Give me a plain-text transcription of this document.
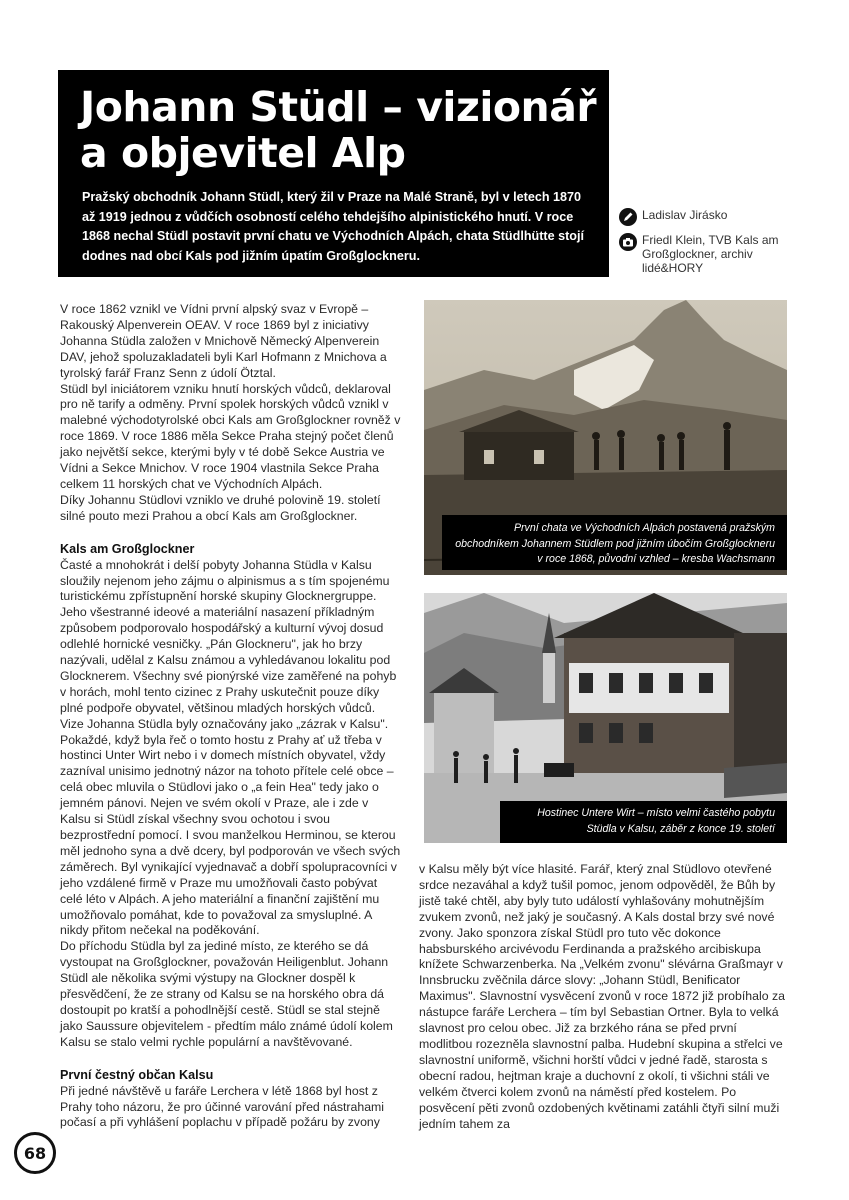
Johann Stüdl – vizionář
a objevitel Alp

Pražský obchodník Johann Stüdl, který žil v Praze na Malé Straně, byl v letech 1870 až 1919 jednou z vůdčích osobností celého tehdejšího alpinistického hnutí. V roce 1868 nechal Stüdl postavit první chatu ve Východních Alpách, chata Stüdlhütte stojí dodnes nad obcí Kals pod jižním úpatím Großglockneru.

Ladislav Jirásko
Friedl Klein, TVB Kals am Großglockner, archiv lidé&HORY

V roce 1862 vznikl ve Vídni první alpský svaz v Evropě – Rakouský Alpenverein OEAV. V roce 1869 byl z iniciativy Johanna Stüdla založen v Mnichově Německý Alpenverein DAV, jehož spoluzakladateli byli Karl Hofmann z Mnichova a tyrolský farář Franz Senn z údolí Ötztal.

Stüdl byl iniciátorem vzniku hnutí horských vůdců, deklaroval pro ně tarify a odměny. První spolek horských vůdců vznikl v malebné východotyrolské obci Kals am Großglockner rovněž v roce 1869. V roce 1886 měla Sekce Praha stejný počet členů jako největší sekce, kterými byly v té době Sekce Austria ve Vídni a Sekce Mnichov. V roce 1904 vlastnila Sekce Praha celkem 11 horských chat ve Východních Alpách.

Díky Johannu Stüdlovi vzniklo ve druhé polovině 19. století silné pouto mezi Prahou a obcí Kals am Großglockner.

Kals am Großglockner

Časté a mnohokrát i delší pobyty Johanna Stüdla v Kalsu sloužily nejenom jeho zájmu o alpinismus a s tím spojenému turistickému zpřístupnění horské skupiny Glocknergruppe. Jeho všestranné ideové a materiální nasazení příkladným způsobem podporovalo hospodářský a kulturní vývoj dosud odlehlé hornické vesničky. „Pán Glockneru", jak ho brzy nazývali, udělal z Kalsu známou a vyhledávanou lokalitu pod Glocknerem. Všechny své pionýrské vize zaměřené na pohyb v horách, mohl tento cizinec z Prahy uskutečnit pouze díky plné podpoře obyvatel, většinou mladých horských vůdců.

Vize Johanna Stüdla byly označovány jako „zázrak v Kalsu". Pokaždé, když byla řeč o tomto hostu z Prahy ať už třeba v hostinci Unter Wirt nebo i v domech místních obyvatel, vždy zazníval unisimo jednotný názor na tohoto přítele celé obce – celá obec mluvila o Stüdlovi jako o „a fein Hea" tedy jako o jemném pánovi. Nejen ve svém okolí v Praze, ale i zde v Kalsu si Stüdl získal všechny svou ochotou i svou bezprostřední pomocí. I svou manželkou Herminou, se kterou měl jednoho syna a dvě dcery, byl podporován ve všech svých záměrech. Byl vynikající vyjednavač a dobří spolupracovníci v jeho vzdálené firmě v Praze mu umožňovali často pobývat celé léto v Alpách. A jeho materiální a finanční zajištění mu umožňovalo pomáhat, kde to považoval za smysluplné. A nikdy přitom nečekal na poděkování.

Do příchodu Stüdla byl za jediné místo, ze kterého se dá vystoupat na Großglockner, považován Heiligenblut. Johann Stüdl ale několika svými výstupy na Glockner dospěl k přesvědčení, že ze strany od Kalsu se na horského obra dá dostoupit po kratší a pohodlnější cestě. Stüdl se stal stejně jako Saussure objevitelem - předtím málo známé údolí kolem Kalsu se stalo velmi rychle populární a navštěvované.

První čestný občan Kalsu

Při jedné návštěvě u faráře Lerchera v létě 1868 byl host z Prahy toho názoru, že pro účinné varování před nástrahami počasí a při vyhlášení poplachu v případě požáru by zvony

První chata ve Východních Alpách postavená pražským obchodníkem Johannem Stüdlem pod jižním úbočím Großglockneru v roce 1868, původní vzhled – kresba Wachsmann
Hostinec Untere Wirt – místo velmi častého pobytu Stüdla v Kalsu, záběr z konce 19. století

v Kalsu měly být více hlasité. Farář, který znal Stüdlovo otevřené srdce nezaváhal a když tušil pomoc, jenom odpověděl, že Bůh by jistě také chtěl, aby byly tuto událostí vyhlašovány mohutnějším zvukem zvonů, než jaký je současný. A Kals dostal brzy své nové zvony. Jako sponzora získal Stüdl pro tuto věc dokonce habsburského arcivévodu Ferdinanda a pražského arcibiskupa knížete Schwarzenberka. Na „Velkém zvonu" slévárna Graßmayr v Innsbrucku zvěčnila dárce slovy: „Johann Stüdl, Benificator Maximus". Slavnostní vysvěcení zvonů v roce 1872 již probíhalo za nástupce faráře Lerchera – tím byl Sebastian Ortner. Byla to velká slavnost pro celou obec. Již za brzkého rána se před první modlitbou rozezněla slavnostní palba. Hudební skupina a střelci ve slavnostní uniformě, všichni horští vůdci v jedné řadě, starosta s obecní radou, hejtman kraje a duchovní z okolí, ti všichni stáli ve velkém čtverci kolem zvonů na náměstí před kostelem. Po posvěcení pěti zvonů ozdobených květinami zatáhli čtyři silní muži jedním tahem za

68
